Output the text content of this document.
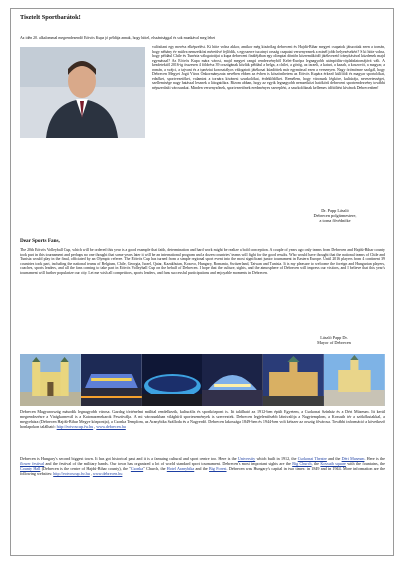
Tisztelt Sportbarátok!
Az idén 20. alkalommal megrendezendő Eötvös Kupa jó példája annak, hogy hittel, elszántsággal és sok munkával meg lehet
valósítani egy merész elképzelést. Ki hitte volna akkor, amikor még kizárólag debreceni és Hajdú-Bihar megyei csapatok játszottak ezen a tornán, hogy néhány év múlva nemzetközi méretűvé fejlődik, s egyszerre tucatnyi ország csapatai versenyeznek a minél jobb helyezésekért? S ki hitte volna, hogy például Chile és Tunézia válogatottjai a kupa debreceni fináléjában egy olimpiai döntőn közreműködő játékvezető irányításával küzdenek majd egymással? Az Eötvös Kupa mára városi, majd megyei rangú rendezvényből Kelet-Európa legnagyobb utánpótlás-röplabdatornájává vált. A kezdetektől 2016-ig összesen 4 földrész 39 országának közlük például a belga, a chilei, a görög, az izraeli, a katari, a kazah, a koszovói, a magyar, a román, a svájci, a tajvani és a tunéziai korosztályos válogatott játékosai küzdöttek már egymással ezen a versenyen. Nagy örömömre szolgál, hogy Debrecen Megyei Jogú Város Önkormányzata nevében ebben az évben is köszönthetem az Eötvös Kupára érkező külföldi és magyar sportolókat, edzőket, sportvezetőket, valamint a tornára kivánesi szurkolókat, érdeklődőket. Remélem, hogy városunk légköre, kultúrája, nevezetességei, szellemisége nagy hatással lesznek a látogatókra. Bízom abban, hogy az egyik legnagyobb nemzetközi hatókörű debreceni sportrendezvény további népszerűsíti városunkat. Minden versenyzőnek, sportvezetőnek eredményes szereplést, a szurkolóknak kellemes időtöltést kívánok Debrecenben!
Dr. Papp László
Debrecen polgármestere,
a torna fővédnöke
Dear Sports Fans,
The 20th Eötvös Volleyball Cup, which will be ordered this year is a good example that faith, determination and hard work might be realize a bold conception. A couple of years ago only teams from Debrecen and Hajdú-Bihar county took part in this tournament and perhaps no one thought that some years later it will be an international program and a dozen countries' teams will fight for the good results. Who would have thought that the national teams of Chile and Tunisia would play in the final, officiated by an Olympic referee. The Eötvös Cup has turned from a simple regional sport event into the most significant junior tournament in Eastern Europe. Until 2016 players from 4 continent 39 countries took part, including the national teams of Belgium, Chile, Georgia, Israel, Qatar, Kazakhstan, Kosovo, Hungary, Romania, Switzerland, Taiwan and Tunisia. It is my pleasure to welcome the foreign and Hungarian players, coaches, sports leaders, and all the fans coming to take part in Eötvös Volleyball Cup on the behalf of Debrecen. I hope that the culture, sights, and the atmosphere of Debrecen will impress our visitors, and I believe that this year's tournament will further popularize our city. Let me wish all competitors, sports leaders, and fans successful participations and enjoyable moments in Debrecen.
László Papp Dr.
Mayor of Debrecen
Debrecen Magyarország második legnagyobb városa. Gazdag történelmi múlttal rendelkezik, kulturális és sportközpont is. Itt található az 1912-ben épült Egyetem, a Csokonai Színház és a Déri Múzeum. Itt kerül megrendezésre a Virágkarnevál is a Katonazenekarok Fesztiválja. A mi városunkban világhírű sportesemények is szerveztek. Debrecen legjelentősebb látnivalója a Nagytemplom, a Kossuth tér a szökőkutakkal, a megyeháza (Debrecen Hajdú-Bihar Megye központja), a Csonka Templom, az Aranybika Szálloda és a Nagyerdő. Debrecen lakossága 1849-ben és 1944-ben volt kétszer az ország fővárosa. További információ a következő honlapokon található: http://eotvoscup.fw.hu , www.debrecen.hu
Debrecen is Hungary's second biggest town. It has got historical past and it is a famuing cultural and sport centre too. Here is the University which built in 1912, the Csokonai Theatre and the Déri Museum. Here is the flower festival and the festival of the military bands. Our town has organized a lot of world standard sport tournament. Debrecen's most important sights are the Big Church, the Kossuth square with the fountains, the County Hall (Debrecen is the centre of Hajdú-Bihar county), the "Csonka" Church, the Hotel Aranybika and the Big Forest. Debrecen was Hungary's capital in two times: in 1849 and in 1944. More information are the following websites: http://eotvoscup.fw.hu , www.debrecen.hu
